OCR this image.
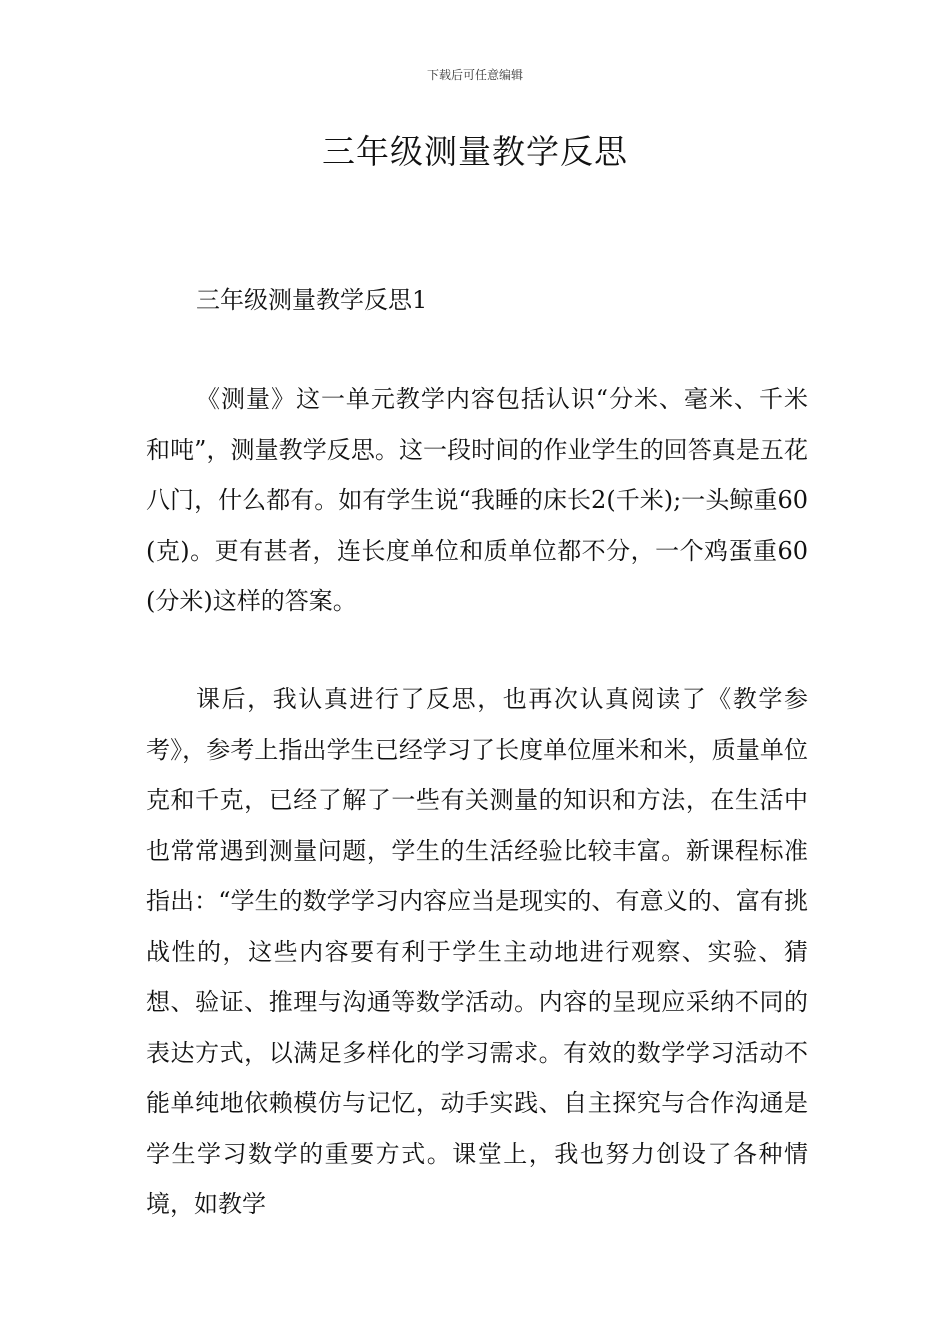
下载后可任意编辑
三年级测量教学反思
三年级测量教学反思1

《测量》这一单元教学内容包括认识“分米、毫米、千米和吨”，测量教学反思。这一段时间的作业学生的回答真是五花八门，什么都有。如有学生说“我睡的床长2(千米);一头鲸重60(克)。更有甚者，连长度单位和质单位都不分，一个鸡蛋重60(分米)这样的答案。

课后，我认真进行了反思，也再次认真阅读了《教学参考》，参考上指出学生已经学习了长度单位厘米和米，质量单位克和千克，已经了解了一些有关测量的知识和方法，在生活中也常常遇到测量问题，学生的生活经验比较丰富。新课程标准指出：“学生的数学学习内容应当是现实的、有意义的、富有挑战性的，这些内容要有利于学生主动地进行观察、实验、猜想、验证、推理与沟通等数学活动。内容的呈现应采纳不同的表达方式，以满足多样化的学习需求。有效的数学学习活动不能单纯地依赖模仿与记忆，动手实践、自主探究与合作沟通是学生学习数学的重要方式。课堂上，我也努力创设了各种情境，如教学
